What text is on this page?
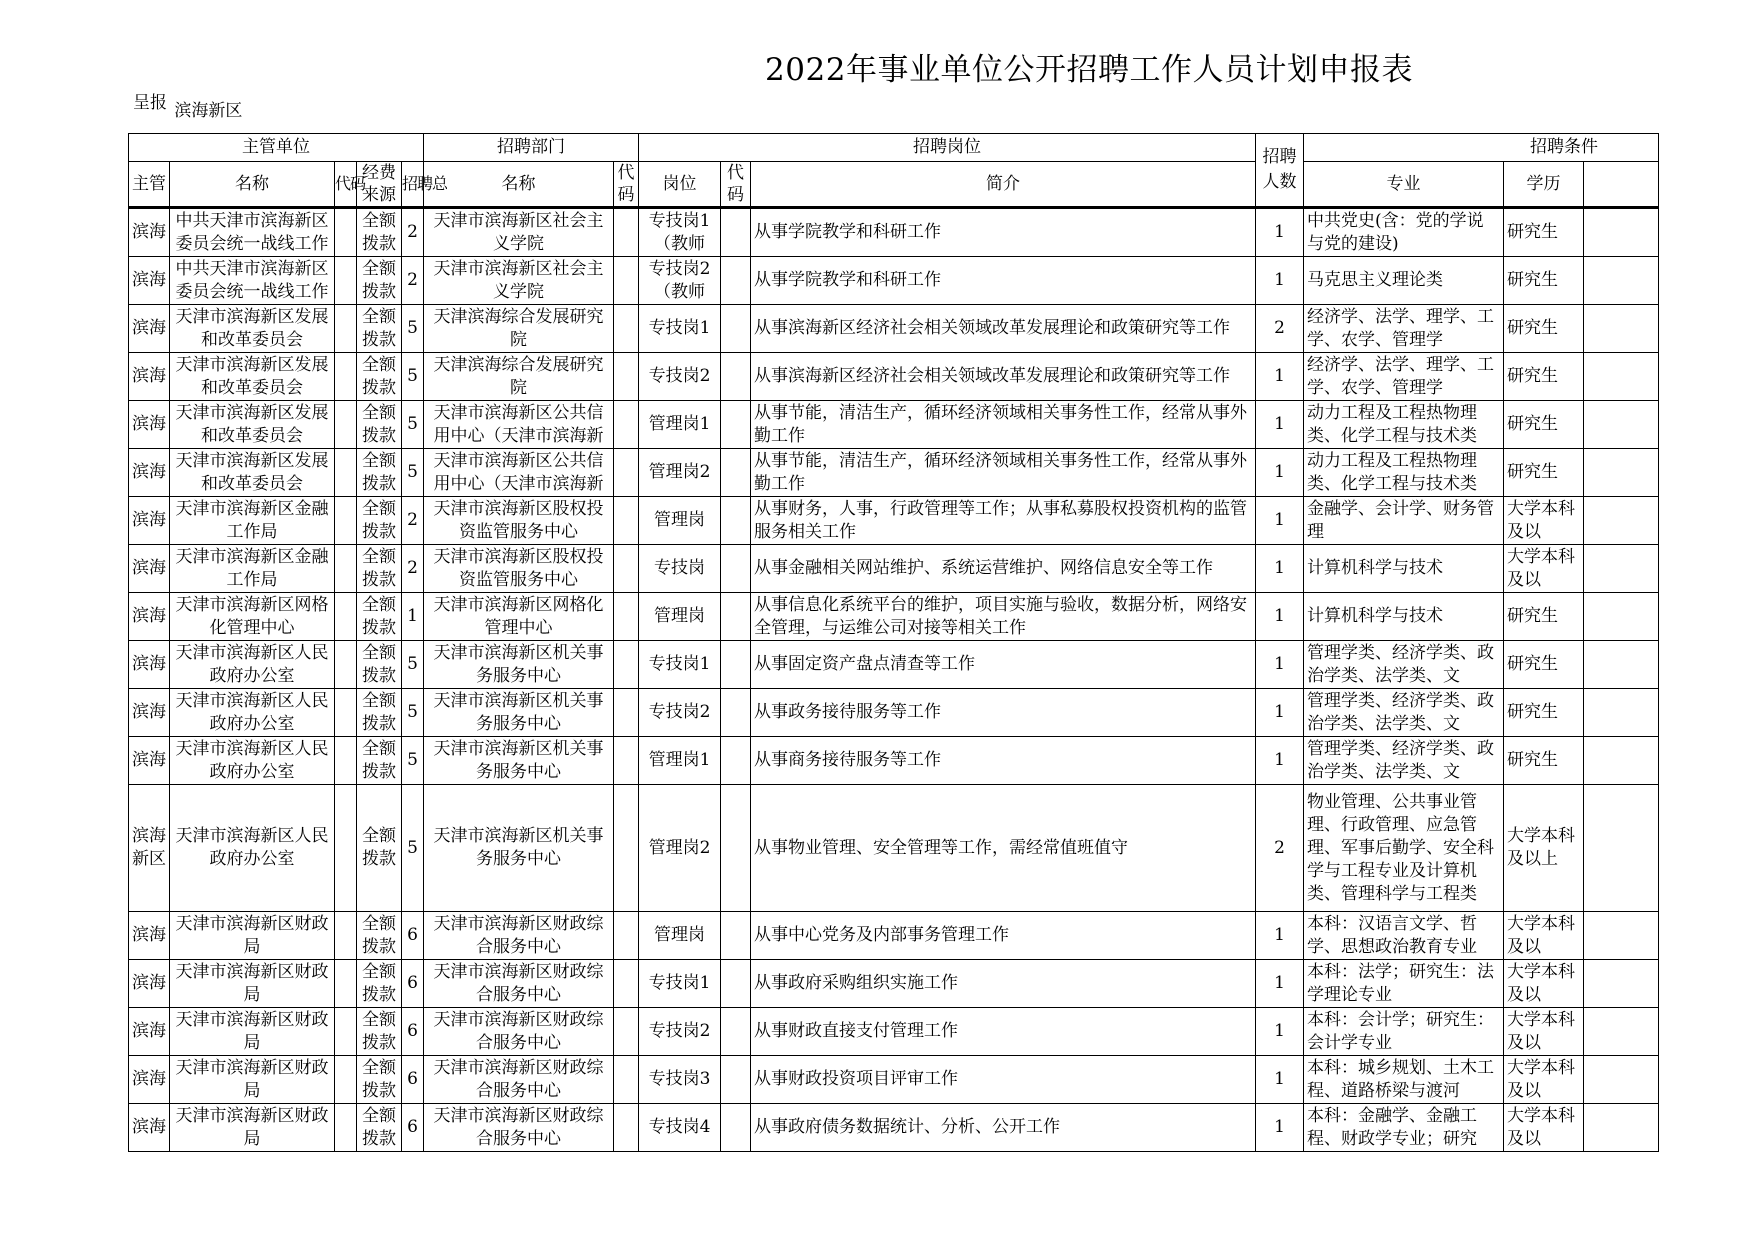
2022年事业单位公开招聘工作人员计划申报表
呈报 滨海新区
主管单位					招聘部门		招聘岗位			招聘人数	招聘条件		
主管	名称	代码	经费来源	招聘总	名称	代码	岗位	代码	简介		专业	学历	

滨海	中共天津市滨海新区委员会统一战线工作		全额拨款	2	天津市滨海新区社会主义学院		专技岗1（教师		从事学院教学和科研工作	1	中共党史(含：党的学说与党的建设)	研究生	

滨海	中共天津市滨海新区委员会统一战线工作		全额拨款	2	天津市滨海新区社会主义学院		专技岗2（教师		从事学院教学和科研工作	1	马克思主义理论类	研究生	

滨海	天津市滨海新区发展和改革委员会		全额拨款	5	天津滨海综合发展研究院		专技岗1		从事滨海新区经济社会相关领域改革发展理论和政策研究等工作	2	经济学、法学、理学、工学、农学、管理学	研究生	

滨海	天津市滨海新区发展和改革委员会		全额拨款	5	天津滨海综合发展研究院		专技岗2		从事滨海新区经济社会相关领域改革发展理论和政策研究等工作	1	经济学、法学、理学、工学、农学、管理学	研究生	

滨海	天津市滨海新区发展和改革委员会		全额拨款	5	天津市滨海新区公共信用中心（天津市滨海新		管理岗1		从事节能，清洁生产，循环经济领域相关事务性工作，经常从事外勤工作	1	动力工程及工程热物理类、化学工程与技术类	研究生	

滨海	天津市滨海新区发展和改革委员会		全额拨款	5	天津市滨海新区公共信用中心（天津市滨海新		管理岗2		从事节能，清洁生产，循环经济领域相关事务性工作，经常从事外勤工作	1	动力工程及工程热物理类、化学工程与技术类	研究生	

滨海	天津市滨海新区金融工作局		全额拨款	2	天津市滨海新区股权投资监管服务中心		管理岗		从事财务，人事，行政管理等工作；从事私募股权投资机构的监管服务相关工作	1	金融学、会计学、财务管理	大学本科及以	

滨海	天津市滨海新区金融工作局		全额拨款	2	天津市滨海新区股权投资监管服务中心		专技岗		从事金融相关网站维护、系统运营维护、网络信息安全等工作	1	计算机科学与技术	大学本科及以	

滨海	天津市滨海新区网格化管理中心		全额拨款	1	天津市滨海新区网格化管理中心		管理岗		从事信息化系统平台的维护，项目实施与验收，数据分析，网络安全管理，与运维公司对接等相关工作	1	计算机科学与技术	研究生	

滨海	天津市滨海新区人民政府办公室		全额拨款	5	天津市滨海新区机关事务服务中心		专技岗1		从事固定资产盘点清查等工作	1	管理学类、经济学类、政治学类、法学类、文	研究生	

滨海	天津市滨海新区人民政府办公室		全额拨款	5	天津市滨海新区机关事务服务中心		专技岗2		从事政务接待服务等工作	1	管理学类、经济学类、政治学类、法学类、文	研究生	

滨海	天津市滨海新区人民政府办公室		全额拨款	5	天津市滨海新区机关事务服务中心		管理岗1		从事商务接待服务等工作	1	管理学类、经济学类、政治学类、法学类、文	研究生	

滨海新区	天津市滨海新区人民政府办公室		全额拨款	5	天津市滨海新区机关事务服务中心		管理岗2		从事物业管理、安全管理等工作，需经常值班值守	2	物业管理、公共事业管理、行政管理、应急管理、军事后勤学、安全科学与工程专业及计算机类、管理科学与工程类	大学本科及以上	

滨海	天津市滨海新区财政局		全额拨款	6	天津市滨海新区财政综合服务中心		管理岗		从事中心党务及内部事务管理工作	1	本科：汉语言文学、哲学、思想政治教育专业	大学本科及以	

滨海	天津市滨海新区财政局		全额拨款	6	天津市滨海新区财政综合服务中心		专技岗1		从事政府采购组织实施工作	1	本科：法学；研究生：法学理论专业	大学本科及以	

滨海	天津市滨海新区财政局		全额拨款	6	天津市滨海新区财政综合服务中心		专技岗2		从事财政直接支付管理工作	1	本科：会计学；研究生：会计学专业	大学本科及以	

滨海	天津市滨海新区财政局		全额拨款	6	天津市滨海新区财政综合服务中心		专技岗3		从事财政投资项目评审工作	1	本科：城乡规划、土木工程、道路桥梁与渡河	大学本科及以	

滨海	天津市滨海新区财政局		全额拨款	6	天津市滨海新区财政综合服务中心		专技岗4		从事政府债务数据统计、分析、公开工作	1	本科：金融学、金融工程、财政学专业；研究	大学本科及以	
